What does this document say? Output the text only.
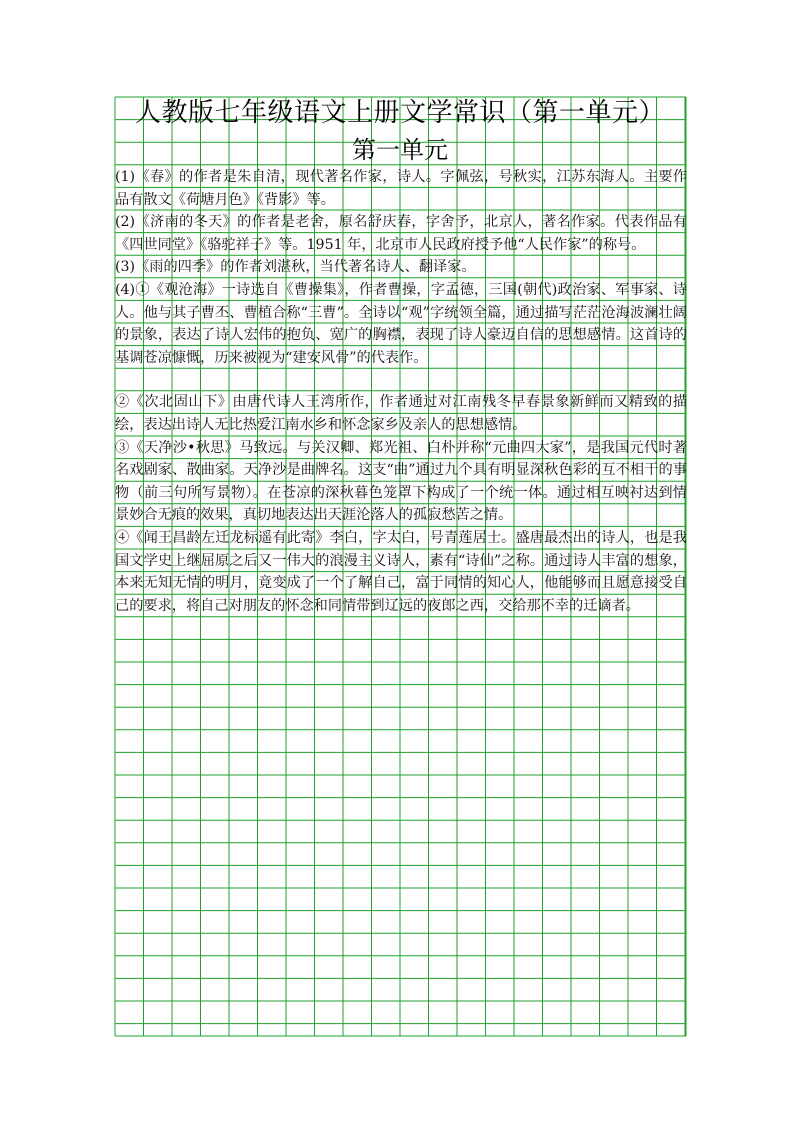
人教版七年级语文上册文学常识（第一单元）
第一单元

(1)《春》的作者是朱自清，现代著名作家，诗人。字佩弦，号秋实，江苏东海人。主要作品有散文《荷塘月色》《背影》等。

(2)《济南的冬天》的作者是老舍，原名舒庆春，字舍予，北京人，著名作家。代表作品有《四世同堂》《骆驼祥子》等。1951 年，北京市人民政府授予他“人民作家”的称号。

(3)《雨的四季》的作者刘湛秋，当代著名诗人、翻译家。

(4)①《观沧海》一诗选自《曹操集》，作者曹操，字孟德，三国(朝代)政治家、军事家、诗人。他与其子曹丕、曹植合称“三曹”。全诗以“观”字统领全篇，通过描写茫茫沧海波澜壮阔的景象，表达了诗人宏伟的抱负、宽广的胸襟，表现了诗人豪迈自信的思想感情。这首诗的基调苍凉慷慨，历来被视为“建安风骨”的代表作。

②《次北固山下》由唐代诗人王湾所作，作者通过对江南残冬早春景象新鲜而又精致的描绘，表达出诗人无比热爱江南水乡和怀念家乡及亲人的思想感情。

③《天净沙•秋思》马致远。与关汉卿、郑光祖、白朴并称“元曲四大家”，是我国元代时著名戏剧家、散曲家。天净沙是曲牌名。这支“曲”通过九个具有明显深秋色彩的互不相干的事物（前三句所写景物）。在苍凉的深秋暮色笼罩下构成了一个统一体。通过相互映衬达到情景妙合无痕的效果，真切地表达出天涯沦落人的孤寂愁苦之情。

④《闻王昌龄左迁龙标遥有此寄》李白，字太白，号青莲居士。盛唐最杰出的诗人，也是我国文学史上继屈原之后又一伟大的浪漫主义诗人，素有“诗仙”之称。通过诗人丰富的想象，本来无知无情的明月，竟变成了一个了解自己，富于同情的知心人，他能够而且愿意接受自己的要求，将自己对朋友的怀念和同情带到辽远的夜郎之西，交给那不幸的迁谪者。
